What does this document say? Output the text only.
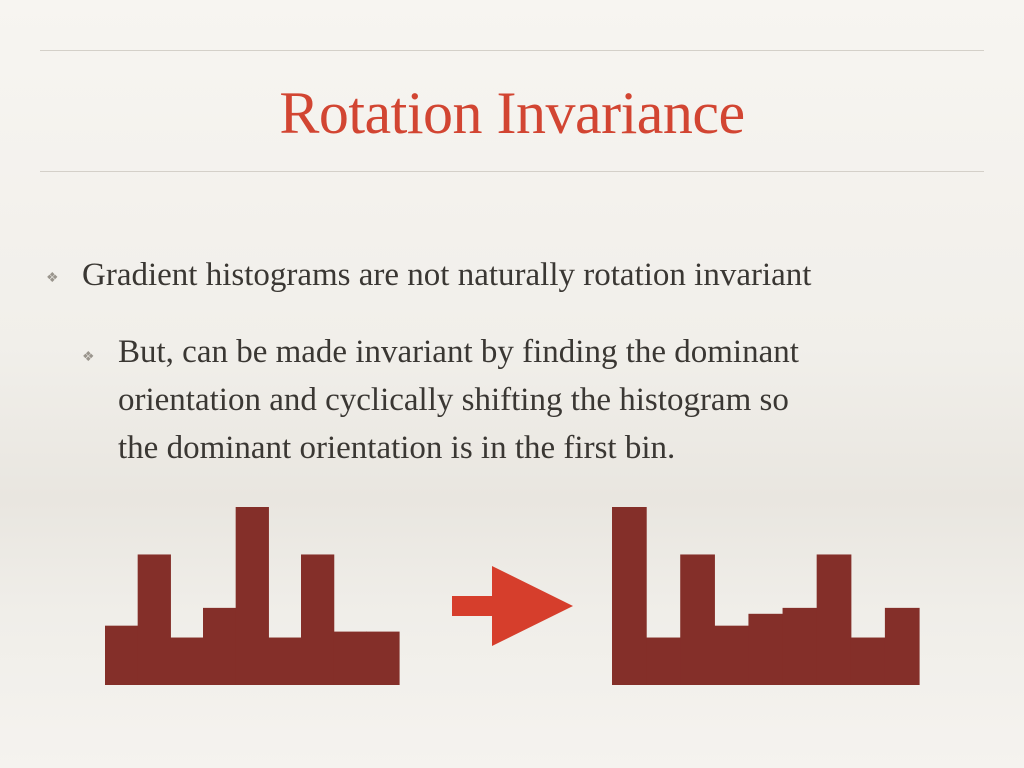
Rotation Invariance
❖ Gradient histograms are not naturally rotation invariant
❖ But, can be made invariant by finding the dominant
orientation and cyclically shifting the histogram so
the dominant orientation is in the first bin.
